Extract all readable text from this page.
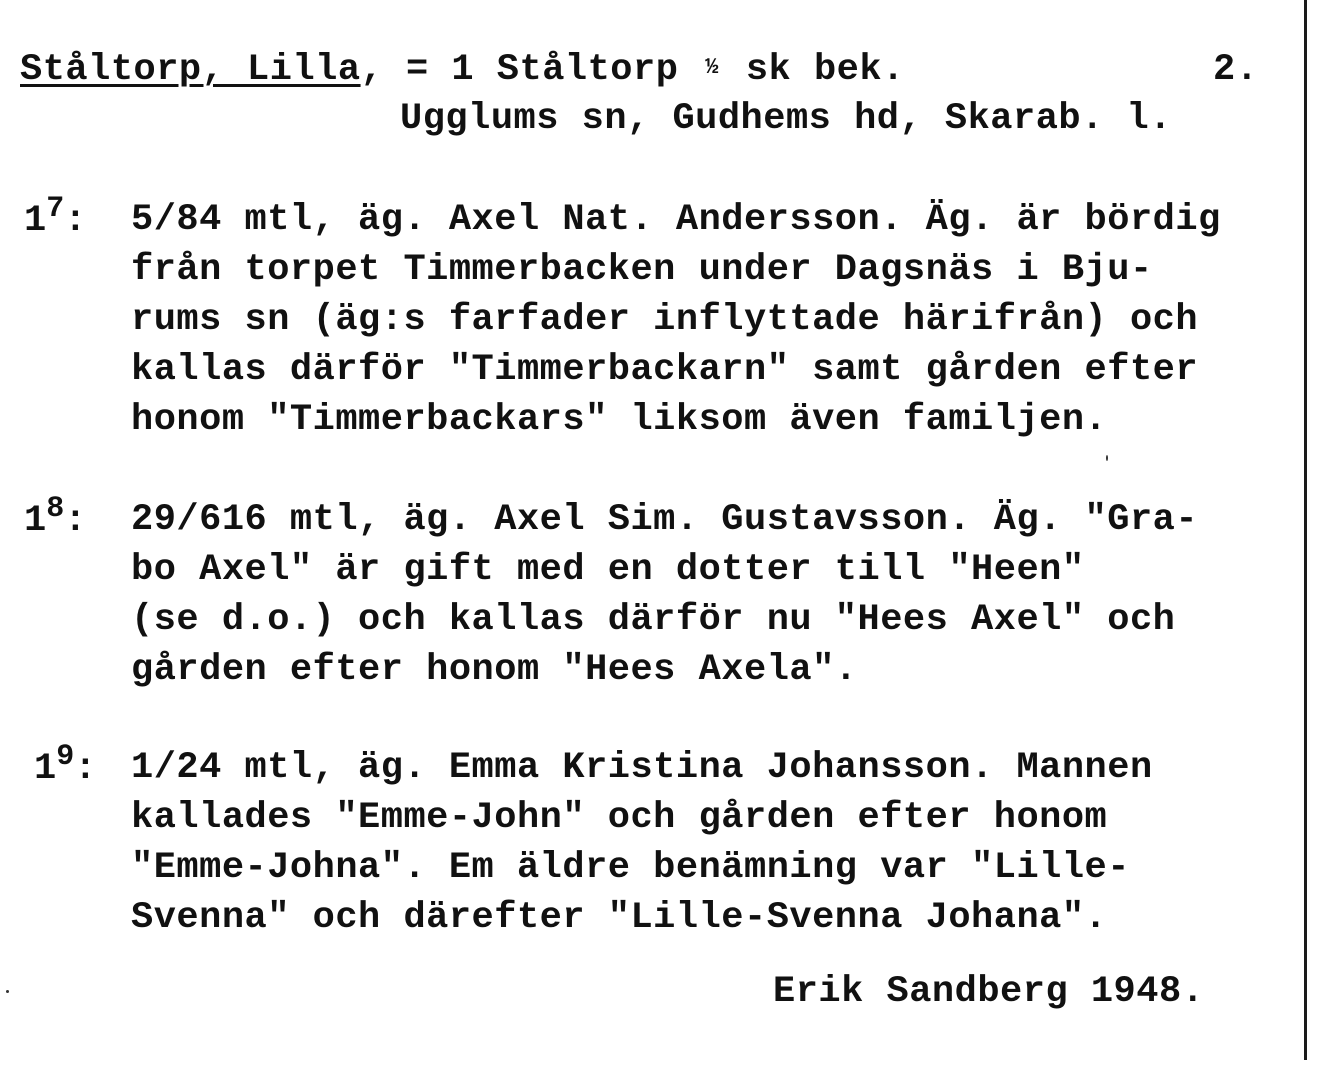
Ståltorp, Lilla, = 1 Ståltorp ½ sk bek.	2.
Ugglums sn, Gudhems hd, Skarab. l.
$1^7$: 5/84 mtl, äg. Axel Nat. Andersson. Äg. är bördig
från torpet Timmerbacken under Dagsnäs i Bju-
rums sn (äg:s farfader inflyttade härifrån) och
kallas därför "Timmerbackarn" samt gården efter
honom "Timmerbackars" liksom även familjen.
$1^8$: 29/616 mtl, äg. Axel Sim. Gustavsson. Äg. "Gra-
bo Axel" är gift med en dotter till "Heen"
(se d.o.) och kallas därför nu "Hees Axel" och
gården efter honom "Hees Axela".
$1^9$: 1/24 mtl, äg. Emma Kristina Johansson. Mannen
kallades "Emme-John" och gården efter honom
"Emme-Johna". Em äldre benämning var "Lille-
Svenna" och därefter "Lille-Svenna Johana".
Erik Sandberg 1948.
